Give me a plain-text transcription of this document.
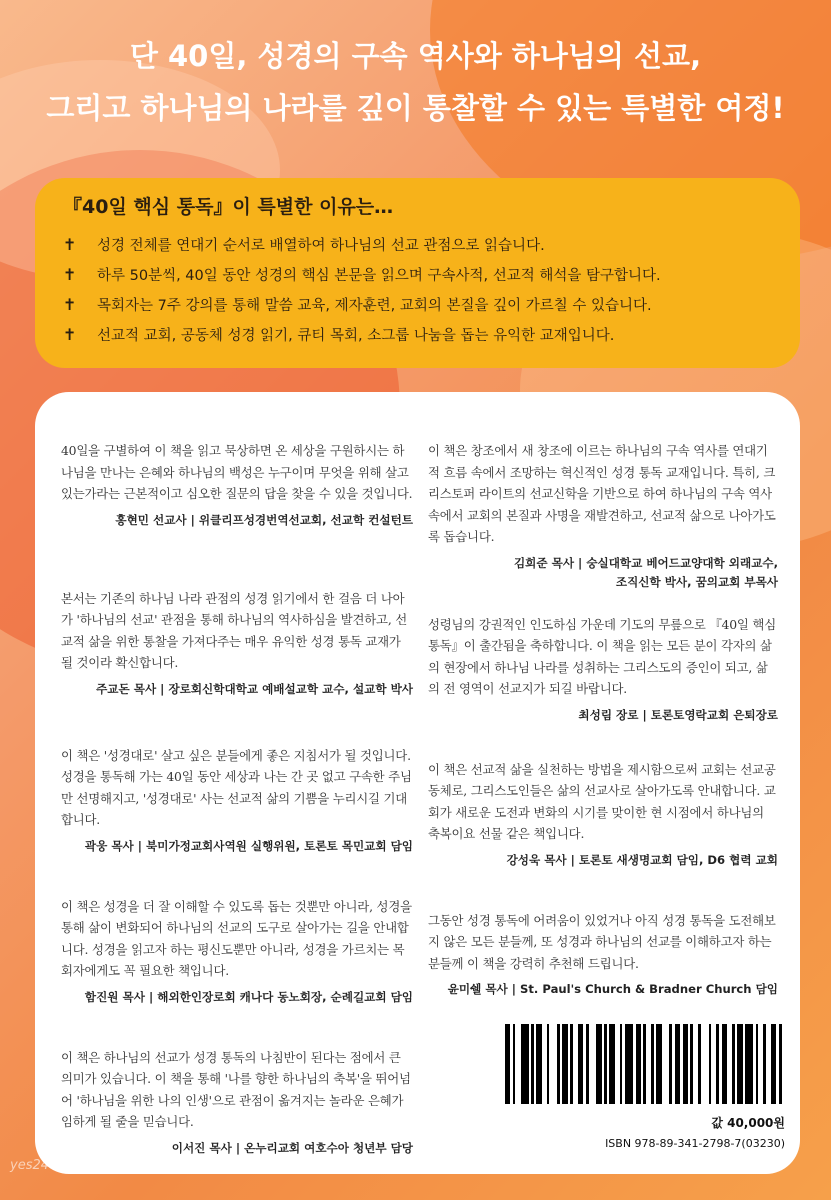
단 40일, 성경의 구속 역사와 하나님의 선교,
그리고 하나님의 나라를 깊이 통찰할 수 있는 특별한 여정!
『40일 핵심 통독』이 특별한 이유는…
✝	성경 전체를 연대기 순서로 배열하여 하나님의 선교 관점으로 읽습니다.
✝	하루 50분씩, 40일 동안 성경의 핵심 본문을 읽으며 구속사적, 선교적 해석을 탐구합니다.
✝	목회자는 7주 강의를 통해 말씀 교육, 제자훈련, 교회의 본질을 깊이 가르칠 수 있습니다.
✝	선교적 교회, 공동체 성경 읽기, 큐티 목회, 소그룹 나눔을 돕는 유익한 교재입니다.
40일을 구별하여 이 책을 읽고 묵상하면 온 세상을 구원하시는 하나님을 만나는 은혜와 하나님의 백성은 누구이며 무엇을 위해 살고 있는가라는 근본적이고 심오한 질문의 답을 찾을 수 있을 것입니다.
홍현민 선교사 | 위클리프성경번역선교회, 선교학 컨설턴트
본서는 기존의 하나님 나라 관점의 성경 읽기에서 한 걸음 더 나아가 '하나님의 선교' 관점을 통해 하나님의 역사하심을 발견하고, 선교적 삶을 위한 통찰을 가져다주는 매우 유익한 성경 통독 교재가 될 것이라 확신합니다.
주교돈 목사 | 장로회신학대학교 예배설교학 교수, 설교학 박사
이 책은 '성경대로' 살고 싶은 분들에게 좋은 지침서가 될 것입니다. 성경을 통독해 가는 40일 동안 세상과 나는 간 곳 없고 구속한 주님만 선명해지고, '성경대로' 사는 선교적 삶의 기쁨을 누리시길 기대합니다.
곽웅 목사 | 북미가정교회사역원 실행위원, 토론토 목민교회 담임
이 책은 성경을 더 잘 이해할 수 있도록 돕는 것뿐만 아니라, 성경을 통해 삶이 변화되어 하나님의 선교의 도구로 살아가는 길을 안내합니다. 성경을 읽고자 하는 평신도뿐만 아니라, 성경을 가르치는 목회자에게도 꼭 필요한 책입니다.
함진원 목사 | 해외한인장로회 캐나다 동노회장, 순례길교회 담임
이 책은 하나님의 선교가 성경 통독의 나침반이 된다는 점에서 큰 의미가 있습니다. 이 책을 통해 '나를 향한 하나님의 축복'을 뛰어넘어 '하나님을 위한 나의 인생'으로 관점이 옮겨지는 놀라운 은혜가 임하게 될 줄을 믿습니다.
이서진 목사 | 온누리교회 여호수아 청년부 담당
이 책은 창조에서 새 창조에 이르는 하나님의 구속 역사를 연대기적 흐름 속에서 조망하는 혁신적인 성경 통독 교재입니다. 특히, 크리스토퍼 라이트의 선교신학을 기반으로 하여 하나님의 구속 역사 속에서 교회의 본질과 사명을 재발견하고, 선교적 삶으로 나아가도록 돕습니다.
김희준 목사 | 숭실대학교 베어드교양대학 외래교수,
조직신학 박사, 꿈의교회 부목사
성령님의 강권적인 인도하심 가운데 기도의 무릎으로 『40일 핵심 통독』이 출간됨을 축하합니다. 이 책을 읽는 모든 분이 각자의 삶의 현장에서 하나님 나라를 성취하는 그리스도의 증인이 되고, 삶의 전 영역이 선교지가 되길 바랍니다.
최성림 장로 | 토론토영락교회 은퇴장로
이 책은 선교적 삶을 실천하는 방법을 제시함으로써 교회는 선교공동체로, 그리스도인들은 삶의 선교사로 살아가도록 안내합니다. 교회가 새로운 도전과 변화의 시기를 맞이한 현 시점에서 하나님의 축복이요 선물 같은 책입니다.
강성욱 목사 | 토론토 새생명교회 담임, D6 협력 교회
그동안 성경 통독에 어려움이 있었거나 아직 성경 통독을 도전해보지 않은 모든 분들께, 또 성경과 하나님의 선교를 이해하고자 하는 분들께 이 책을 강력히 추천해 드립니다.
윤미쉘 목사 | St. Paul's Church & Bradner Church 담임
값 40,000원
ISBN 978-89-341-2798-7(03230)
yes24
